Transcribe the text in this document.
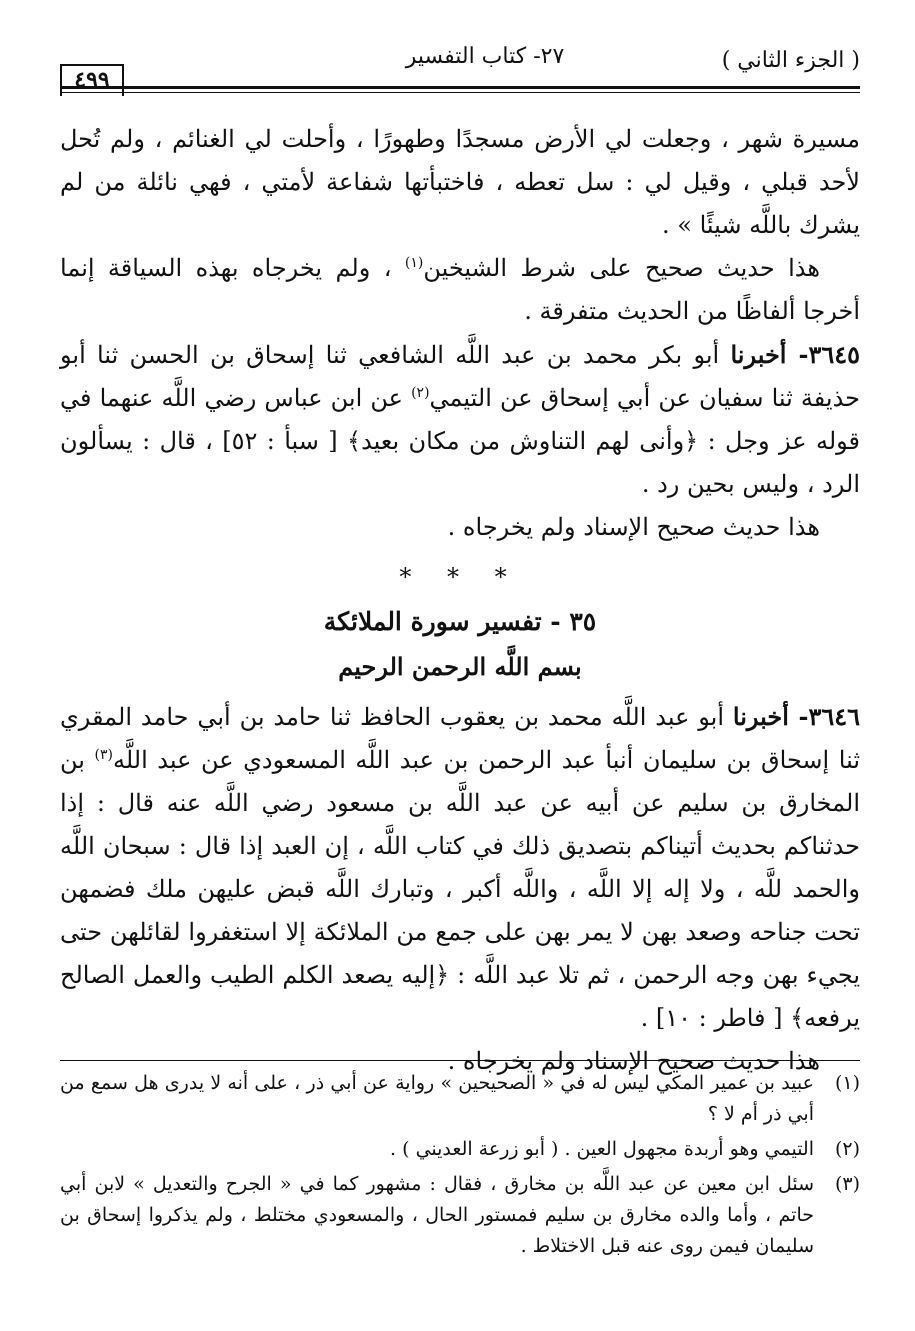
( الجزء الثاني )
٢٧- كتاب التفسير
٤٩٩

مسيرة شهر ، وجعلت لي الأرض مسجدًا وطهورًا ، وأحلت لي الغنائم ، ولم تُحل لأحد قبلي ، وقيل لي : سل تعطه ، فاختبأتها شفاعة لأمتي ، فهي نائلة من لم يشرك باللَّه شيئًا » .

هذا حديث صحيح على شرط الشيخين$^{(١)}$ ، ولم يخرجاه بهذه السياقة إنما أخرجا ألفاظًا من الحديث متفرقة .

٣٦٤٥- أخبرنا أبو بكر محمد بن عبد اللَّه الشافعي ثنا إسحاق بن الحسن ثنا أبو حذيفة ثنا سفيان عن أبي إسحاق عن التيمي$^{(٢)}$ عن ابن عباس رضي اللَّه عنهما في قوله عز وجل : ﴿وأنى لهم التناوش من مكان بعيد﴾ [ سبأ : ٥٢] ، قال : يسألون الرد ، وليس بحين رد .

هذا حديث صحيح الإسناد ولم يخرجاه .

* * *

٣٥ - تفسير سورة الملائكة

بسم اللَّه الرحمن الرحيم

٣٦٤٦- أخبرنا أبو عبد اللَّه محمد بن يعقوب الحافظ ثنا حامد بن أبي حامد المقري ثنا إسحاق بن سليمان أنبأ عبد الرحمن بن عبد اللَّه المسعودي عن عبد اللَّه$^{(٣)}$ بن المخارق بن سليم عن أبيه عن عبد اللَّه بن مسعود رضي اللَّه عنه قال : إذا حدثناكم بحديث أتيناكم بتصديق ذلك في كتاب اللَّه ، إن العبد إذا قال : سبحان اللَّه والحمد للَّه ، ولا إله إلا اللَّه ، واللَّه أكبر ، وتبارك اللَّه قبض عليهن ملك فضمهن تحت جناحه وصعد بهن لا يمر بهن على جمع من الملائكة إلا استغفروا لقائلهن حتى يجيء بهن وجه الرحمن ، ثم تلا عبد اللَّه : ﴿إليه يصعد الكلم الطيب والعمل الصالح يرفعه﴾ [ فاطر : ١٠] .

هذا حديث صحيح الإسناد ولم يخرجاه .

(١)
عبيد بن عمير المكي ليس له في « الصحيحين » رواية عن أبي ذر ، على أنه لا يدرى هل سمع من أبي ذر أم لا ؟

(٢)
التيمي وهو أربدة مجهول العين . ( أبو زرعة العديني ) .

(٣)
سئل ابن معين عن عبد اللَّه بن مخارق ، فقال : مشهور كما في « الجرح والتعديل » لابن أبي حاتم ، وأما والده مخارق بن سليم فمستور الحال ، والمسعودي مختلط ، ولم يذكروا إسحاق بن سليمان فيمن روى عنه قبل الاختلاط .
